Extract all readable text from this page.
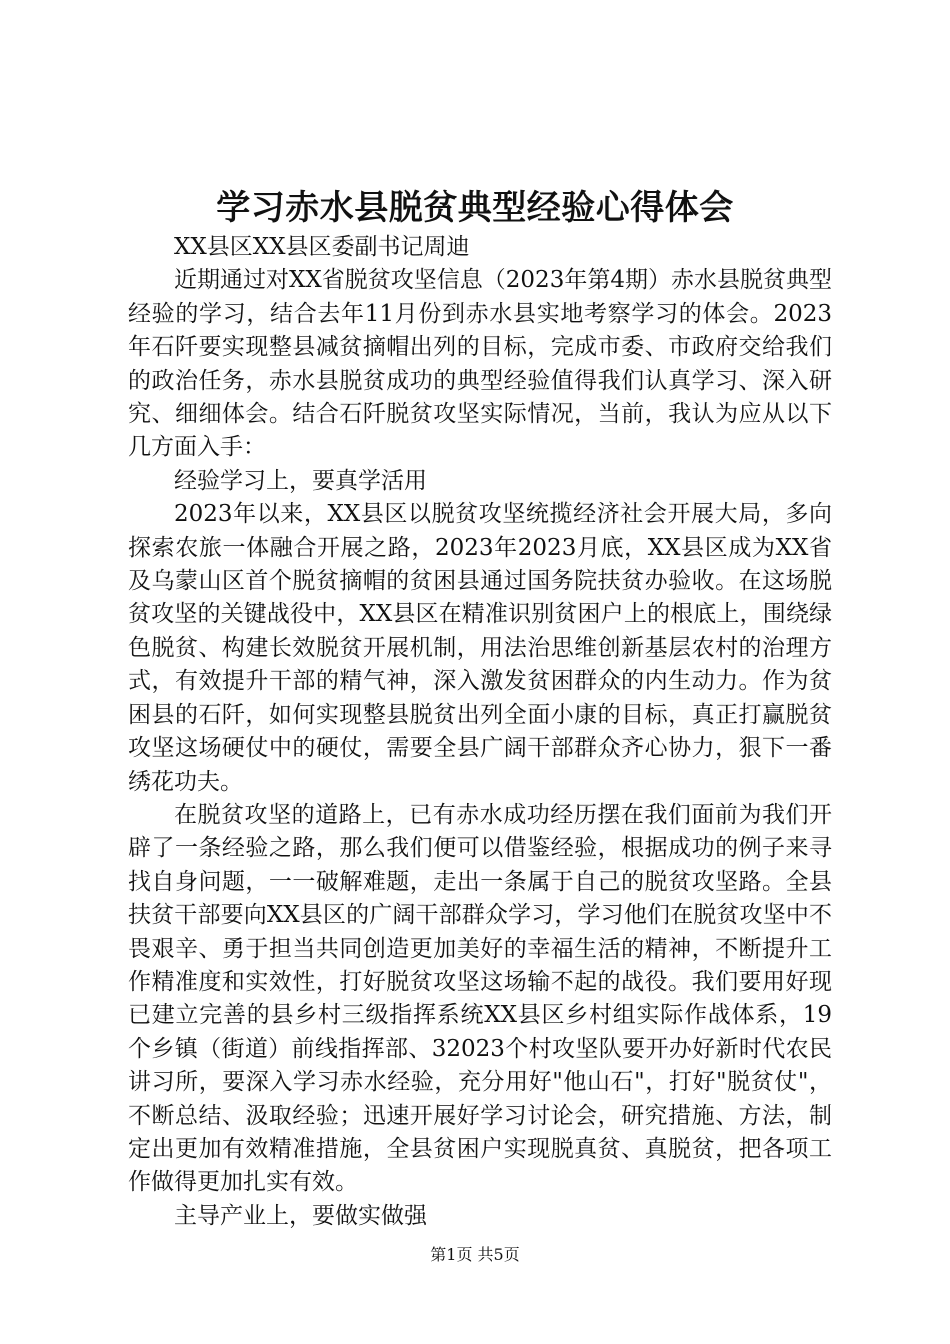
学习赤水县脱贫典型经验心得体会

XX县区XX县区委副书记周迪

近期通过对XX省脱贫攻坚信息（2023年第4期）赤水县脱贫典型经验的学习，结合去年11月份到赤水县实地考察学习的体会。2023年石阡要实现整县减贫摘帽出列的目标，完成市委、市政府交给我们的政治任务，赤水县脱贫成功的典型经验值得我们认真学习、深入研究、细细体会。结合石阡脱贫攻坚实际情况，当前，我认为应从以下几方面入手：

经验学习上，要真学活用

2023年以来，XX县区以脱贫攻坚统揽经济社会开展大局，多向探索农旅一体融合开展之路，2023年2023月底，XX县区成为XX省及乌蒙山区首个脱贫摘帽的贫困县通过国务院扶贫办验收。在这场脱贫攻坚的关键战役中，XX县区在精准识别贫困户上的根底上，围绕绿色脱贫、构建长效脱贫开展机制，用法治思维创新基层农村的治理方式，有效提升干部的精气神，深入激发贫困群众的内生动力。作为贫困县的石阡，如何实现整县脱贫出列全面小康的目标，真正打赢脱贫攻坚这场硬仗中的硬仗，需要全县广阔干部群众齐心协力，狠下一番绣花功夫。

在脱贫攻坚的道路上，已有赤水成功经历摆在我们面前为我们开辟了一条经验之路，那么我们便可以借鉴经验，根据成功的例子来寻找自身问题，一一破解难题，走出一条属于自己的脱贫攻坚路。全县扶贫干部要向XX县区的广阔干部群众学习，学习他们在脱贫攻坚中不畏艰辛、勇于担当共同创造更加美好的幸福生活的精神，不断提升工作精准度和实效性，打好脱贫攻坚这场输不起的战役。我们要用好现已建立完善的县乡村三级指挥系统XX县区乡村组实际作战体系，19个乡镇（街道）前线指挥部、32023个村攻坚队要开办好新时代农民讲习所，要深入学习赤水经验，充分用好"他山石"，打好"脱贫仗"，不断总结、汲取经验；迅速开展好学习讨论会，研究措施、方法，制定出更加有效精准措施，全县贫困户实现脱真贫、真脱贫，把各项工作做得更加扎实有效。

主导产业上，要做实做强

第1页 共5页
